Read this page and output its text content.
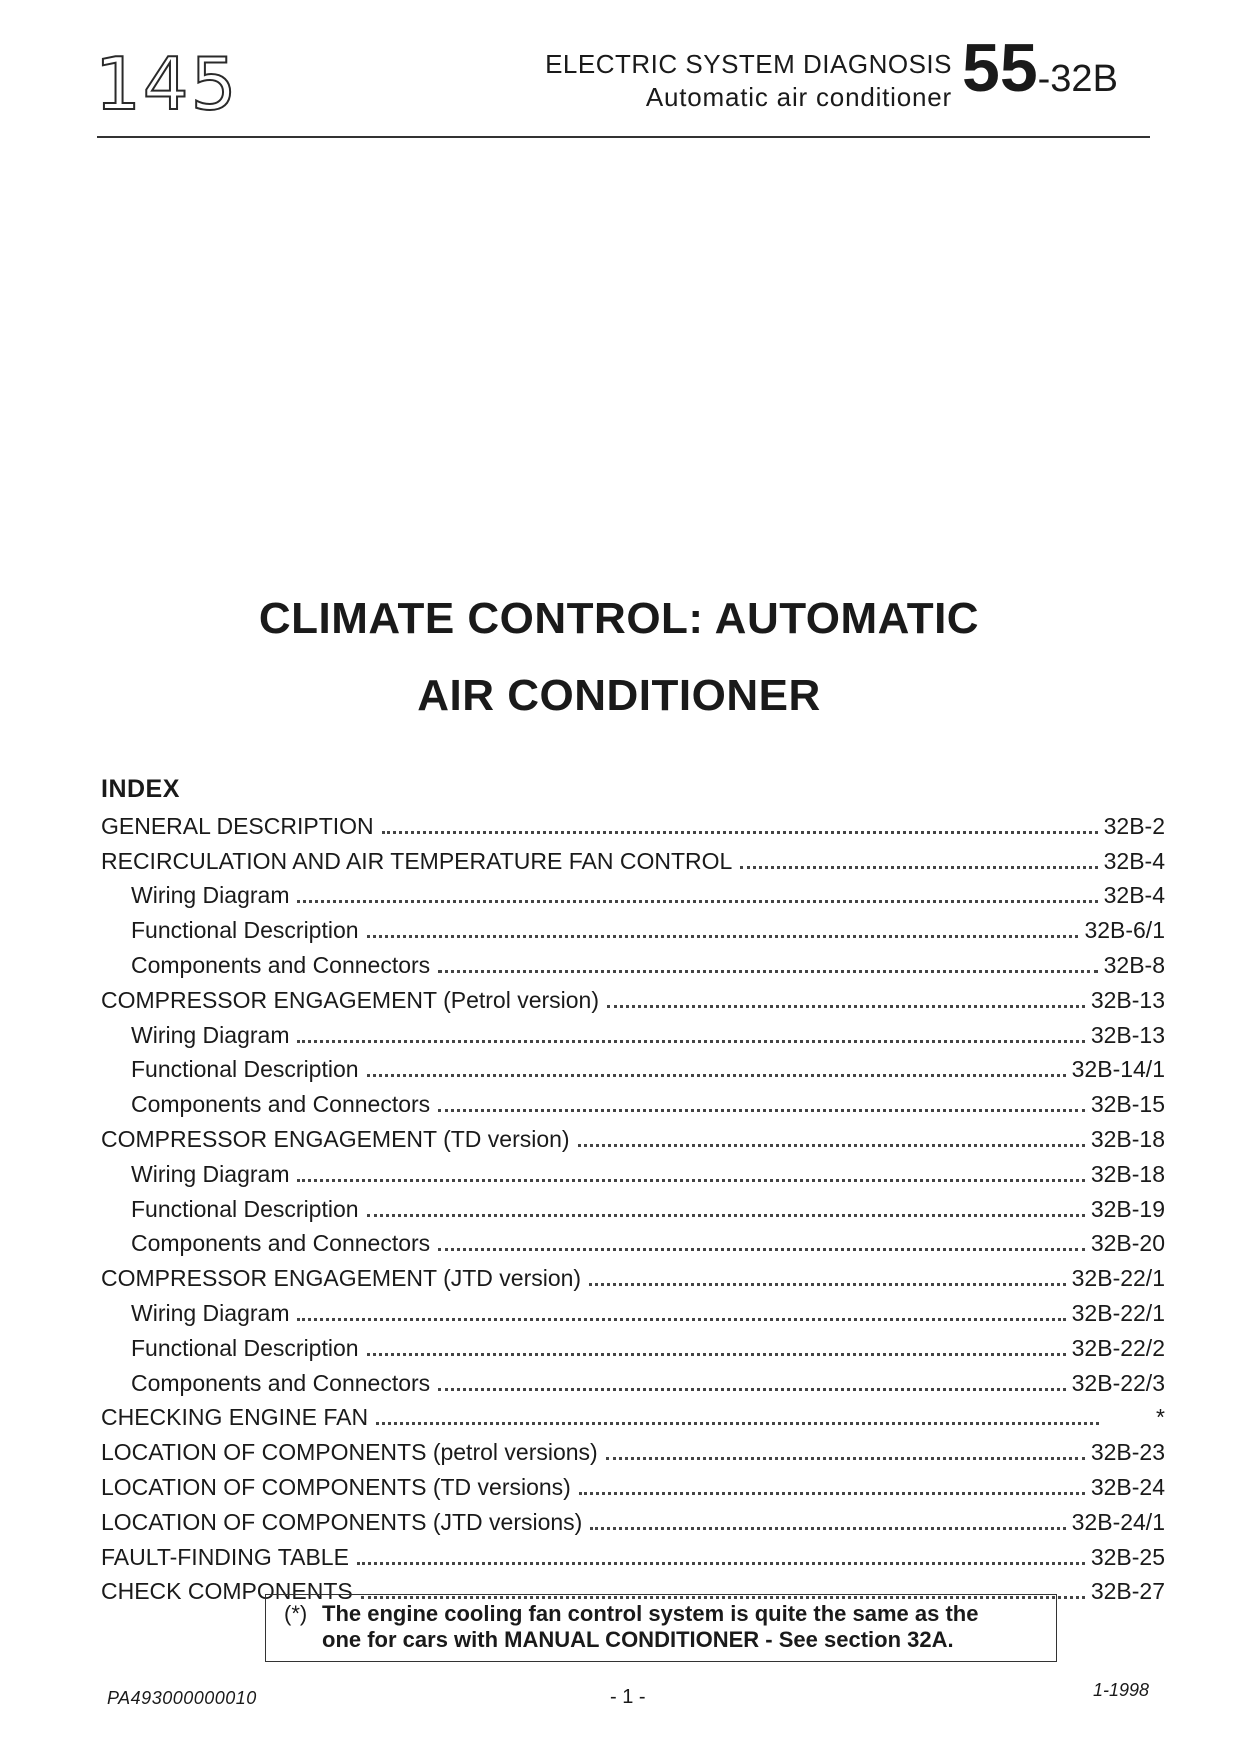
145	ELECTRIC SYSTEM DIAGNOSIS
Automatic air conditioner 55-32B
CLIMATE CONTROL: AUTOMATIC
AIR CONDITIONER
INDEX
GENERAL DESCRIPTION	32B-2
RECIRCULATION AND AIR TEMPERATURE FAN CONTROL	32B-4
Wiring Diagram	32B-4
Functional Description	32B-6/1
Components and Connectors	32B-8
COMPRESSOR ENGAGEMENT (Petrol version)	32B-13
Wiring Diagram	32B-13
Functional Description	32B-14/1
Components and Connectors	32B-15
COMPRESSOR ENGAGEMENT (TD version)	32B-18
Wiring Diagram	32B-18
Functional Description	32B-19
Components and Connectors	32B-20
COMPRESSOR ENGAGEMENT (JTD version)	32B-22/1
Wiring Diagram	32B-22/1
Functional Description	32B-22/2
Components and Connectors	32B-22/3
CHECKING ENGINE FAN	*
LOCATION OF COMPONENTS (petrol versions)	32B-23
LOCATION OF COMPONENTS (TD versions)	32B-24
LOCATION OF COMPONENTS (JTD versions)	32B-24/1
FAULT-FINDING TABLE	32B-25
CHECK COMPONENTS	32B-27
(*) The engine cooling fan control system is quite the same as the
one for cars with MANUAL CONDITIONER - See section 32A.
PA493000000010	- 1 -	1-1998
